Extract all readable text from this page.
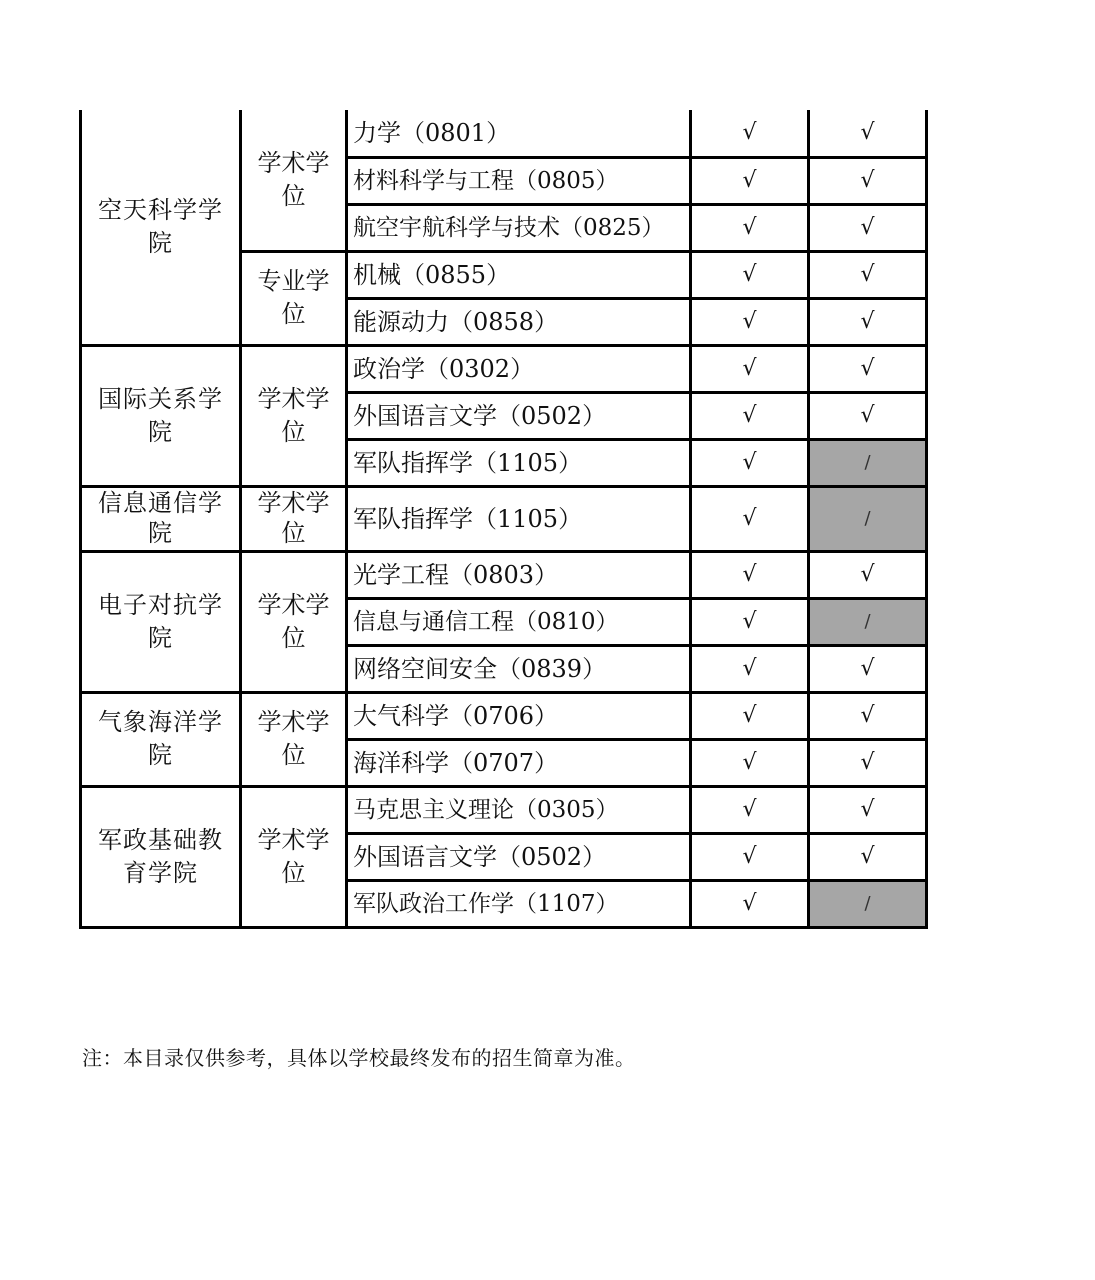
空天科学学院	学术学位	力学（0801）	√	√
		材料科学与工程（0805）	√	√
		航空宇航科学与技术（0825）	√	√
	专业学位	机械（0855）	√	√
		能源动力（0858）	√	√
国际关系学院	学术学位	政治学（0302）	√	√
		外国语言文学（0502）	√	√
		军队指挥学（1105）	√	/
信息通信学院	学术学位	军队指挥学（1105）	√	/
电子对抗学院	学术学位	光学工程（0803）	√	√
		信息与通信工程（0810）	√	/
		网络空间安全（0839）	√	√
气象海洋学院	学术学位	大气科学（0706）	√	√
		海洋科学（0707）	√	√
军政基础教育学院	学术学位	马克思主义理论（0305）	√	√
		外国语言文学（0502）	√	√
		军队政治工作学（1107）	√	/
注：本目录仅供参考，具体以学校最终发布的招生简章为准。
